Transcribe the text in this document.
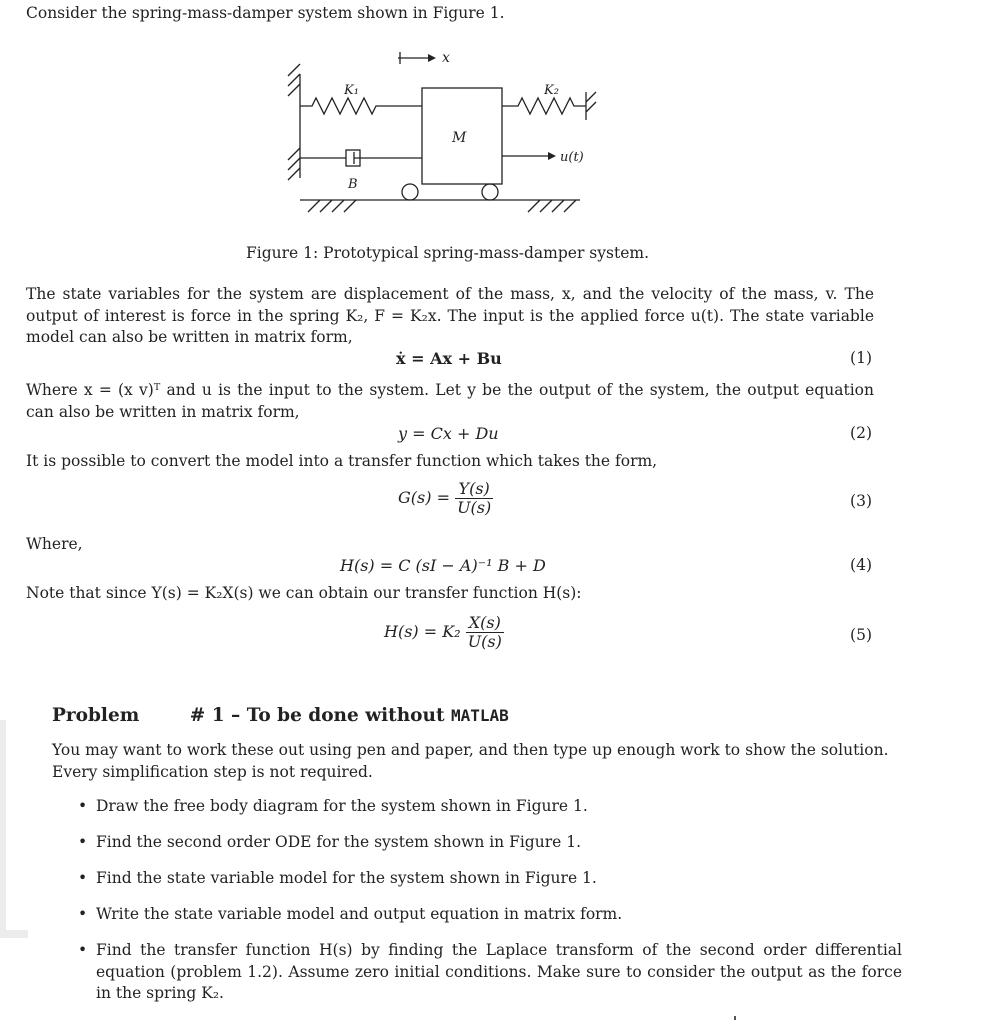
Consider the spring-mass-damper system shown in Figure 1.
x
K₁	K₂
M
B
u(t)
Figure 1: Prototypical spring-mass-damper system.
The state variables for the system are displacement of the mass, x, and the velocity of the mass, v. The output of interest is force in the spring K₂, F = K₂x. The input is the applied force u(t). The state variable model can also be written in matrix form,
ẋ = Ax + Bu	(1)
Where x = (x v)ᵀ and u is the input to the system. Let y be the output of the system, the output equation can also be written in matrix form,
y = Cx + Du	(2)
It is possible to convert the model into a transfer function which takes the form,
$G(s) = \frac{Y(s)}{U(s)}$	(3)
Where,
H(s) = C (sI − A)⁻¹ B + D	(4)
Note that since Y(s) = K₂X(s) we can obtain our transfer function H(s):
$H(s) = K_2 \frac{X(s)}{U(s)}$	(5)
Problem	# 1 – To be done without MATLAB
You may want to work these out using pen and paper, and then type up enough work to show the solution. Every simplification step is not required.
• Draw the free body diagram for the system shown in Figure 1.
• Find the second order ODE for the system shown in Figure 1.
• Find the state variable model for the system shown in Figure 1.
• Write the state variable model and output equation in matrix form.
• Find the transfer function H(s) by finding the Laplace transform of the second order differential equation (problem 1.2). Assume zero initial conditions. Make sure to consider the output as the force in the spring K₂.
